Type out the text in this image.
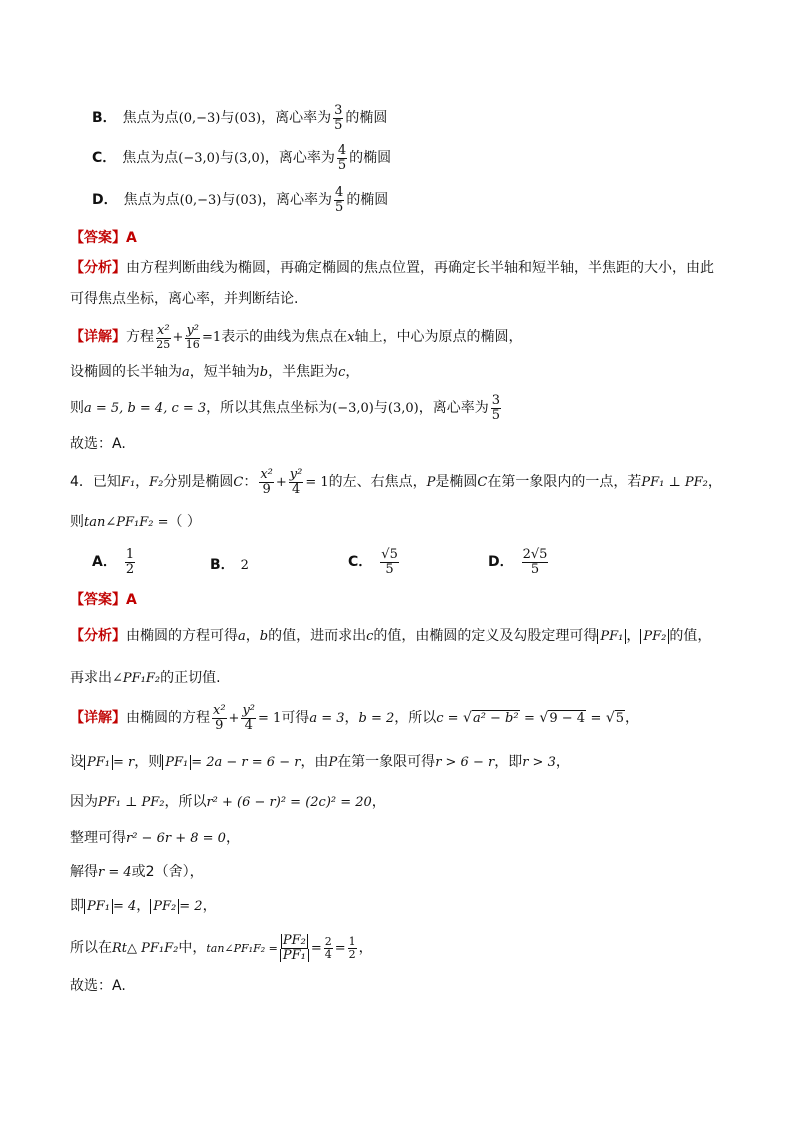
B． 焦点为点(0,−3)与(03)，离心率为 $\frac{3}{5}$ 的椭圆
C． 焦点为点(−3,0)与(3,0)，离心率为 $\frac{4}{5}$ 的椭圆
D． 焦点为点(0,−3)与(03)，离心率为 $\frac{4}{5}$ 的椭圆
【答案】A
【分析】由方程判断曲线为椭圆，再确定椭圆的焦点位置，再确定长半轴和短半轴，半焦距的大小，由此
可得焦点坐标，离心率，并判断结论.
【详解】方程 $\frac{\text{x²}}{25} + \frac{\text{y²}}{16} =1$表示的曲线为焦点在x轴上，中心为原点的椭圆，
设椭圆的长半轴为a，短半轴为b，半焦距为c，
则a = 5, b = 4, c = 3，所以其焦点坐标为(−3,0)与(3,0)，离心率为 $\frac{3}{5}$
故选：A.
4．已知F₁，F₂分别是椭圆C： $\frac{\text{x²}}{9} + \frac{\text{y²}}{4} = 1$的左、右焦点，P是椭圆C在第一象限内的一点，若PF₁ ⊥ PF₂，
则tan∠PF₁F₂ =（ ）
A． $\frac{1}{2}$	B． 2	C． $\frac{√5}{5}$	D． $\frac{2√5}{5}$
【答案】A
【分析】由椭圆的方程可得a，b的值，进而求出c的值，由椭圆的定义及勾股定理可得 PF₁ ， PF₂ 的值，
再求出∠PF₁F₂的正切值.
【详解】由椭圆的方程 $\frac{\text{x²}}{9} + \frac{\text{y²}}{4} = 1$可得a = 3，b = 2，所以c = √a² − b² = √9 − 4 = √5，
设 PF₁ = r，则 PF₁ = 2a − r = 6 − r，由P在第一象限可得r > 6 − r，即r > 3，
因为PF₁ ⊥ PF₂，所以r² + (6 − r)² = (2c)² = 20，
整理可得r² − 6r + 8 = 0，
解得r = 4或2（舍），
即 PF₁ = 4， PF₂ = 2，
所以在Rt△ PF₁F₂中，tan∠PF₁F₂ = $\frac{\text{PF₂}}{\text{PF₁}} = \frac{2}{4} = \frac{1}{2}$ ，
故选：A.
